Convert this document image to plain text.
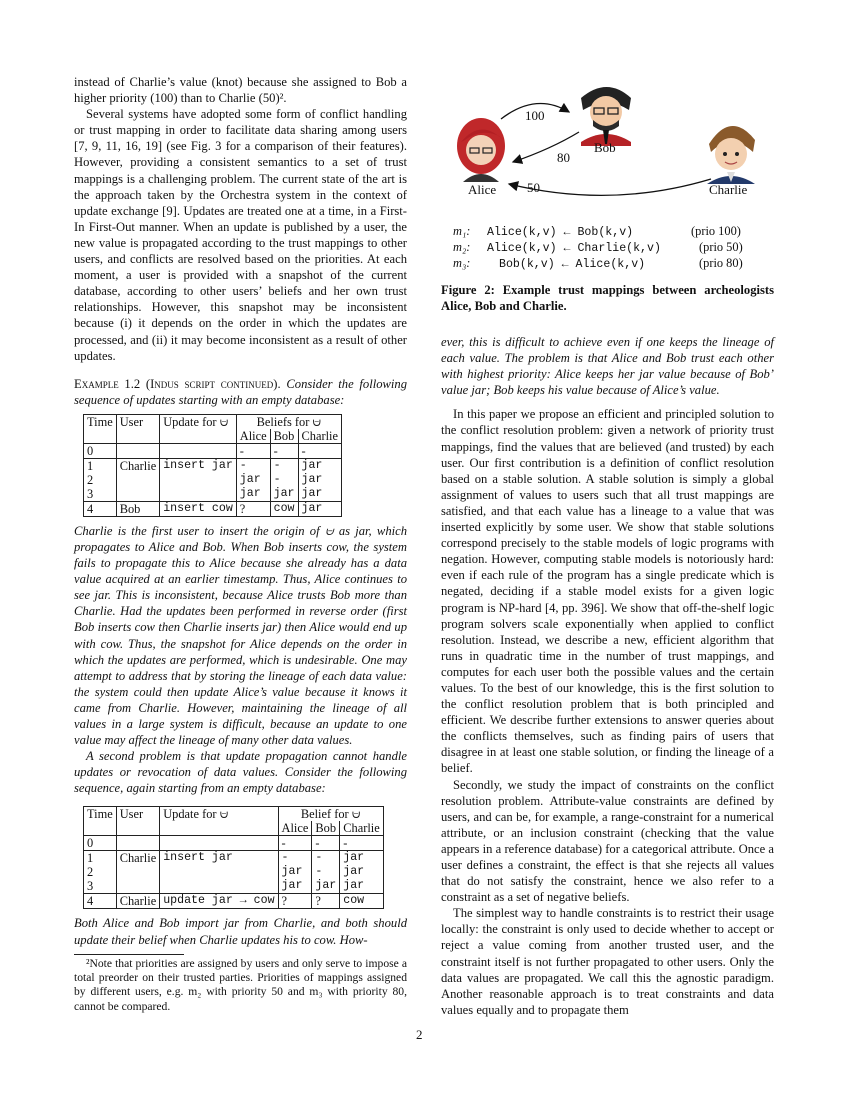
instead of Charlie’s value (knot) because she assigned to Bob a higher priority (100) than to Charlie (50)².

Several systems have adopted some form of conflict handling or trust mapping in order to facilitate data sharing among users [7, 9, 11, 16, 19] (see Fig. 3 for a comparison of their features). However, providing a consistent semantics to a set of trust mappings is a challenging problem. The current state of the art is the approach taken by the Orchestra system in the context of update exchange [9]. Updates are treated one at a time, in a First-In First-Out manner. When an update is published by a user, the new value is propagated according to the trust mappings to other users, and conflicts are resolved based on the priorities. At each moment, a user is provided with a snapshot of the current database, according to other users’ beliefs and her own trust relationships. However, this snapshot may be inconsistent because (i) it depends on the order in which the updates are processed, and (ii) it may become inconsistent as a result of other updates.

Example 1.2 (Indus script continued). Consider the following sequence of updates starting with an empty database:

Time	User	Update for ⩁	Beliefs for ⩁		
			Alice	Bob	Charlie
0			-	-	-
1	Charlie	insert jar	-	-	jar
2			jar	-	jar
3			jar	jar	jar
4	Bob	insert cow	?	cow	jar

Charlie is the first user to insert the origin of ⩁ as jar, which propagates to Alice and Bob. When Bob inserts cow, the system fails to propagate this to Alice because she already has a data value acquired at an earlier timestamp. Thus, Alice continues to see jar. This is inconsistent, because Alice trusts Bob more than Charlie. Had the updates been performed in reverse order (first Bob inserts cow then Charlie inserts jar) then Alice would end up with cow. Thus, the snapshot for Alice depends on the order in which the updates are performed, which is undesirable. One may attempt to address that by storing the lineage of each data value: the system could then update Alice’s value because it knows it came from Charlie. However, maintaining the lineage of all values in a large system is difficult, because an update to one value may affect the lineage of many other data values.

A second problem is that update propagation cannot handle updates or revocation of data values. Consider the following sequence, again starting from an empty database:

Time	User	Update for ⩁	Belief for ⩁		
			Alice	Bob	Charlie
0			-	-	-
1	Charlie	insert jar	-	-	jar
2			jar	-	jar
3			jar	jar	jar
4	Charlie	update jar → cow	?	?	cow

Both Alice and Bob import jar from Charlie, and both should update their belief when Charlie updates his to cow. How-

²Note that priorities are assigned by users and only serve to impose a total preorder on their trusted parties. Priorities of mappings assigned by different users, e.g. m₂ with priority 50 and m₃ with priority 80, cannot be compared.

100
80
50
Alice
Bob
Charlie
m₁: Alice(k,v) ← Bob(k,v)	(prio 100)
m₂: Alice(k,v) ← Charlie(k,v)	(prio 50)
m₃: Bob(k,v) ← Alice(k,v)	(prio 80)

Figure 2: Example trust mappings between archeologists Alice, Bob and Charlie.

ever, this is difficult to achieve even if one keeps the lineage of each value. The problem is that Alice and Bob trust each other with highest priority: Alice keeps her jar value because of Bob’ value jar; Bob keeps his value because of Alice’s value.

In this paper we propose an efficient and principled solution to the conflict resolution problem: given a network of priority trust mappings, find the values that are believed (and trusted) by each user. Our first contribution is a definition of conflict resolution based on a stable solution. A stable solution is simply a global assignment of values to users such that all trust mappings are satisfied, and that each value has a lineage to a value that was inserted explicitly by some user. We show that stable solutions correspond precisely to the stable models of logic programs with negation. However, computing stable models is notoriously hard: even if each rule of the program has a single predicate which is negated, deciding if a stable model exists for a given logic program is NP-hard [4, pp. 396]. We show that off-the-shelf logic program solvers scale exponentially when applied to conflict resolution. Instead, we describe a new, efficient algorithm that runs in quadratic time in the number of trust mappings, and computes for each user both the possible values and the certain values. To the best of our knowledge, this is the first solution to the conflict resolution problem that is both principled and efficient. We describe further extensions to answer queries about the conflicts themselves, such as finding pairs of users that disagree in at least one stable solution, or finding the lineage of a belief.

Secondly, we study the impact of constraints on the conflict resolution problem. Attribute-value constraints are defined by users, and can be, for example, a range-constraint for a numerical attribute, or an inclusion constraint (checking that the value appears in a reference database) for a categorical attribute. Once a user defines a constraint, the effect is that she rejects all values that do not satisfy the constraint, hence we also refer to a constraint as a set of negative beliefs.

The simplest way to handle constraints is to restrict their usage locally: the constraint is only used to decide whether to accept or reject a value coming from another trusted user, and the constraint itself is not further propagated to other users. Only the data values are propagated. We call this the agnostic paradigm. Another reasonable approach is to treat constraints and data values equally and to propagate them

2
